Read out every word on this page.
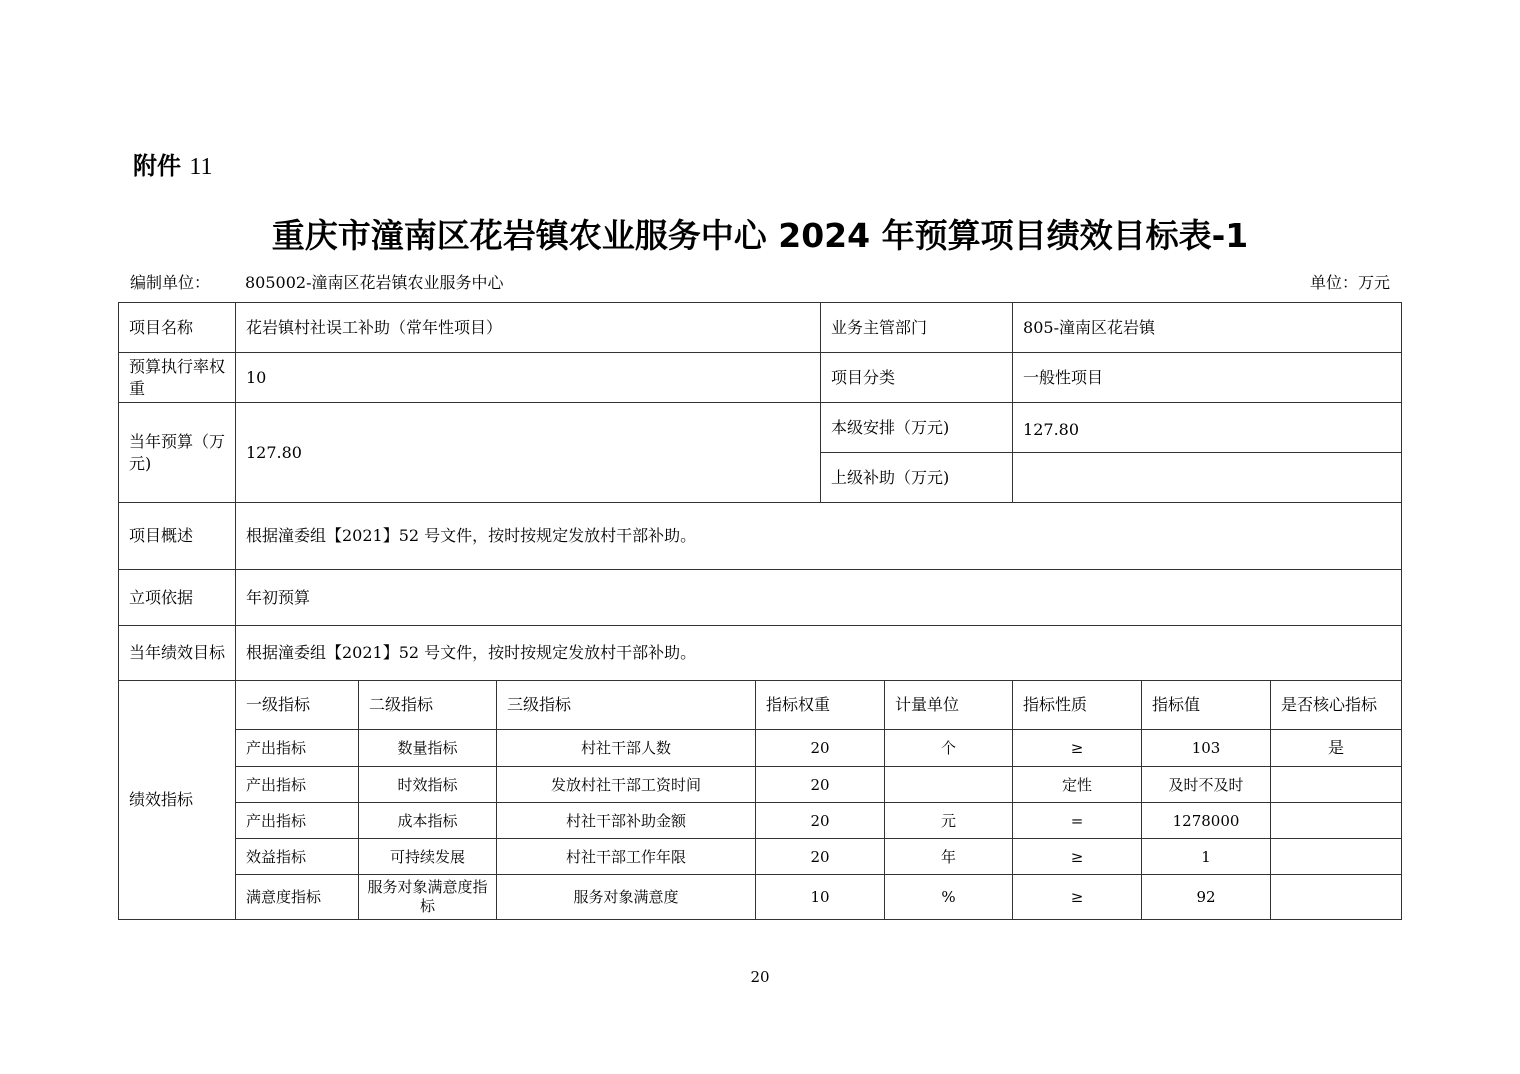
附件 11
重庆市潼南区花岩镇农业服务中心 2024 年预算项目绩效目标表-1
编制单位： 805002-潼南区花岩镇农业服务中心	单位：万元
项目名称	花岩镇村社误工补助（常年性项目）				业务主管部门		805-潼南区花岩镇		
预算执行率权重	10				项目分类		一般性项目		
当年预算（万元)	127.80				本级安排（万元)		127.80		
					上级补助（万元)				
项目概述	根据潼委组【2021】52 号文件，按时按规定发放村干部补助。								
立项依据	年初预算								
当年绩效目标	根据潼委组【2021】52 号文件，按时按规定发放村干部补助。								
绩效指标	一级指标	二级指标	三级指标	指标权重		计量单位	指标性质	指标值	是否核心指标
	产出指标	数量指标	村社干部人数	20		个	≥	103	是
	产出指标	时效指标	发放村社干部工资时间	20			定性	及时不及时	
	产出指标	成本指标	村社干部补助金额	20		元	=	1278000	
	效益指标	可持续发展	村社干部工作年限	20		年	≥	1	
	满意度指标	服务对象满意度指标	服务对象满意度	10		%	≥	92	
20
